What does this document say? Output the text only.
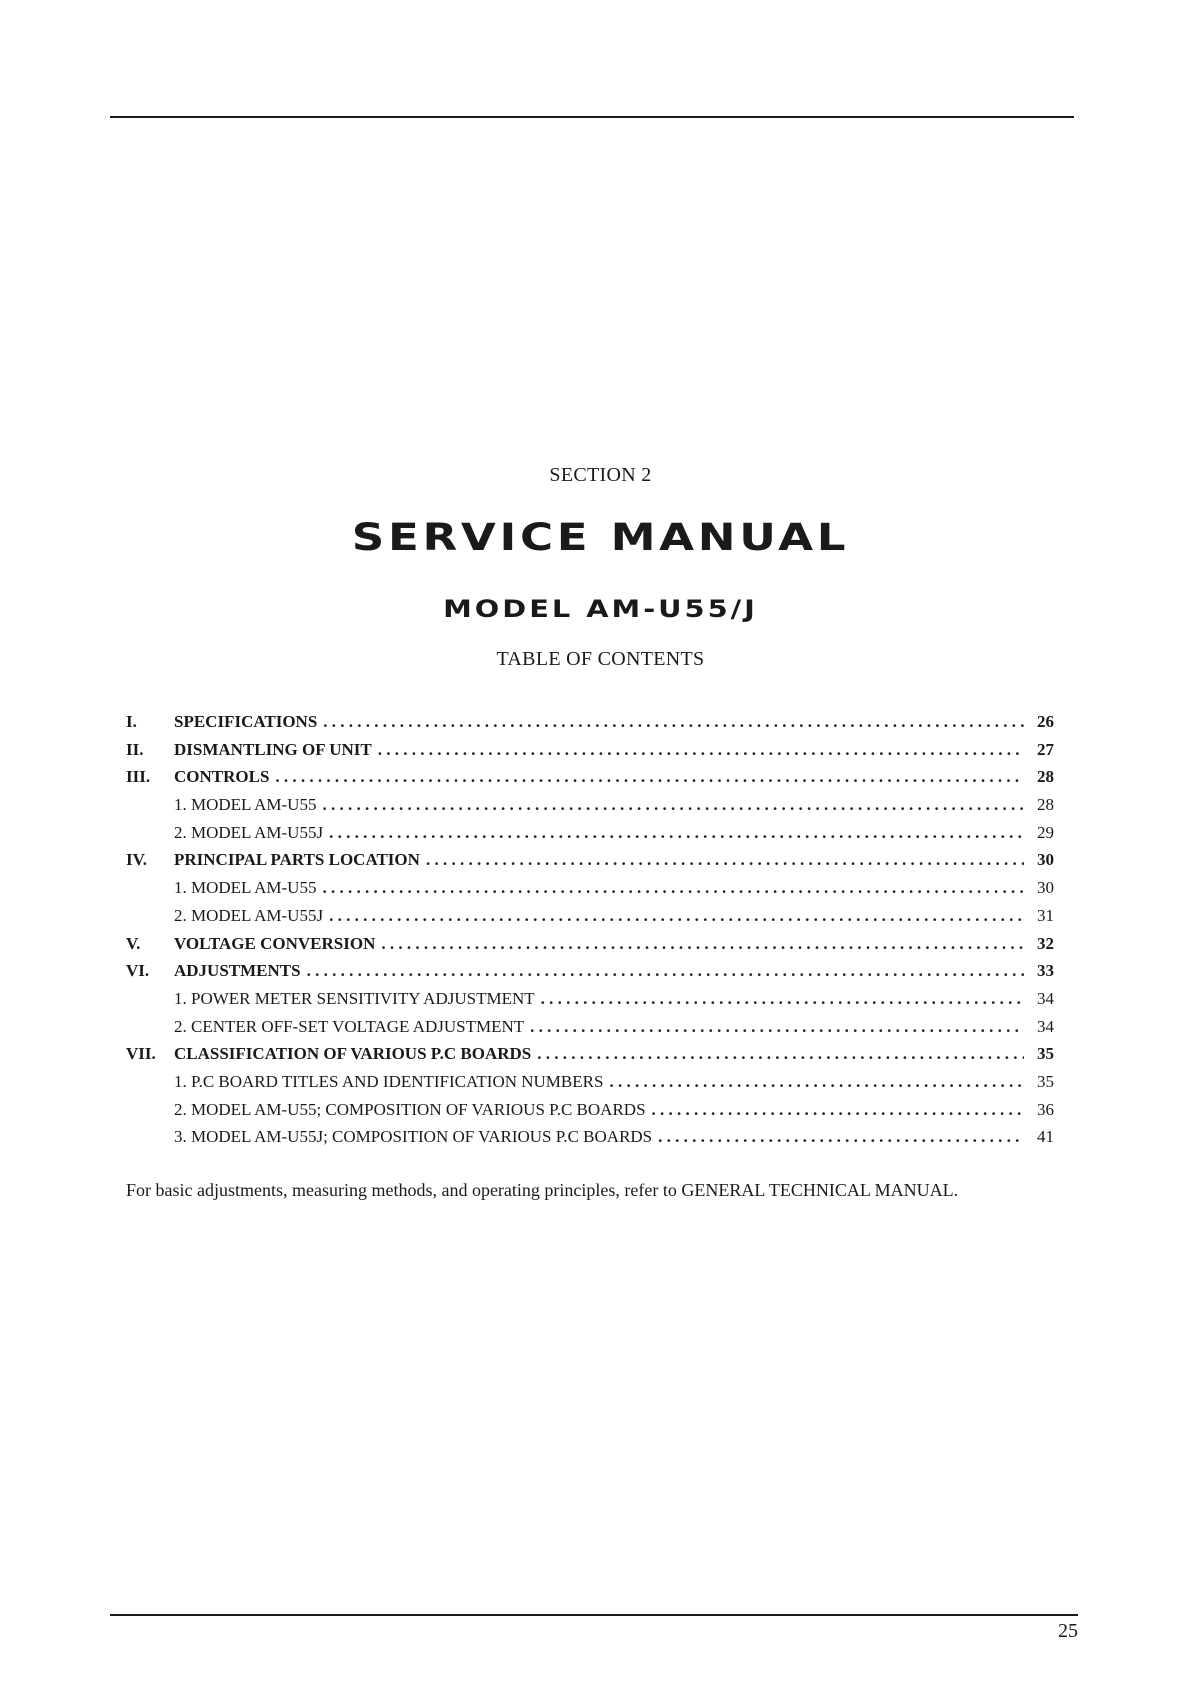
SECTION 2
SERVICE MANUAL
MODEL AM-U55/J
TABLE OF CONTENTS
I. SPECIFICATIONS . . .	26
II. DISMANTLING OF UNIT . . .	27
III. CONTROLS . . .	28
1. MODEL AM-U55 . . .	28
2. MODEL AM-U55J . . .	29
IV. PRINCIPAL PARTS LOCATION . . .	30
1. MODEL AM-U55 . . .	30
2. MODEL AM-U55J . . .	31
V. VOLTAGE CONVERSION . . .	32
VI. ADJUSTMENTS . . .	33
1. POWER METER SENSITIVITY ADJUSTMENT . . .	34
2. CENTER OFF-SET VOLTAGE ADJUSTMENT . . .	34
VII. CLASSIFICATION OF VARIOUS P.C BOARDS . . .	35
1. P.C BOARD TITLES AND IDENTIFICATION NUMBERS . . .	35
2. MODEL AM-U55; COMPOSITION OF VARIOUS P.C BOARDS . . .	36
3. MODEL AM-U55J; COMPOSITION OF VARIOUS P.C BOARDS . . .	41
For basic adjustments, measuring methods, and operating principles, refer to GENERAL TECHNICAL MANUAL.
25
